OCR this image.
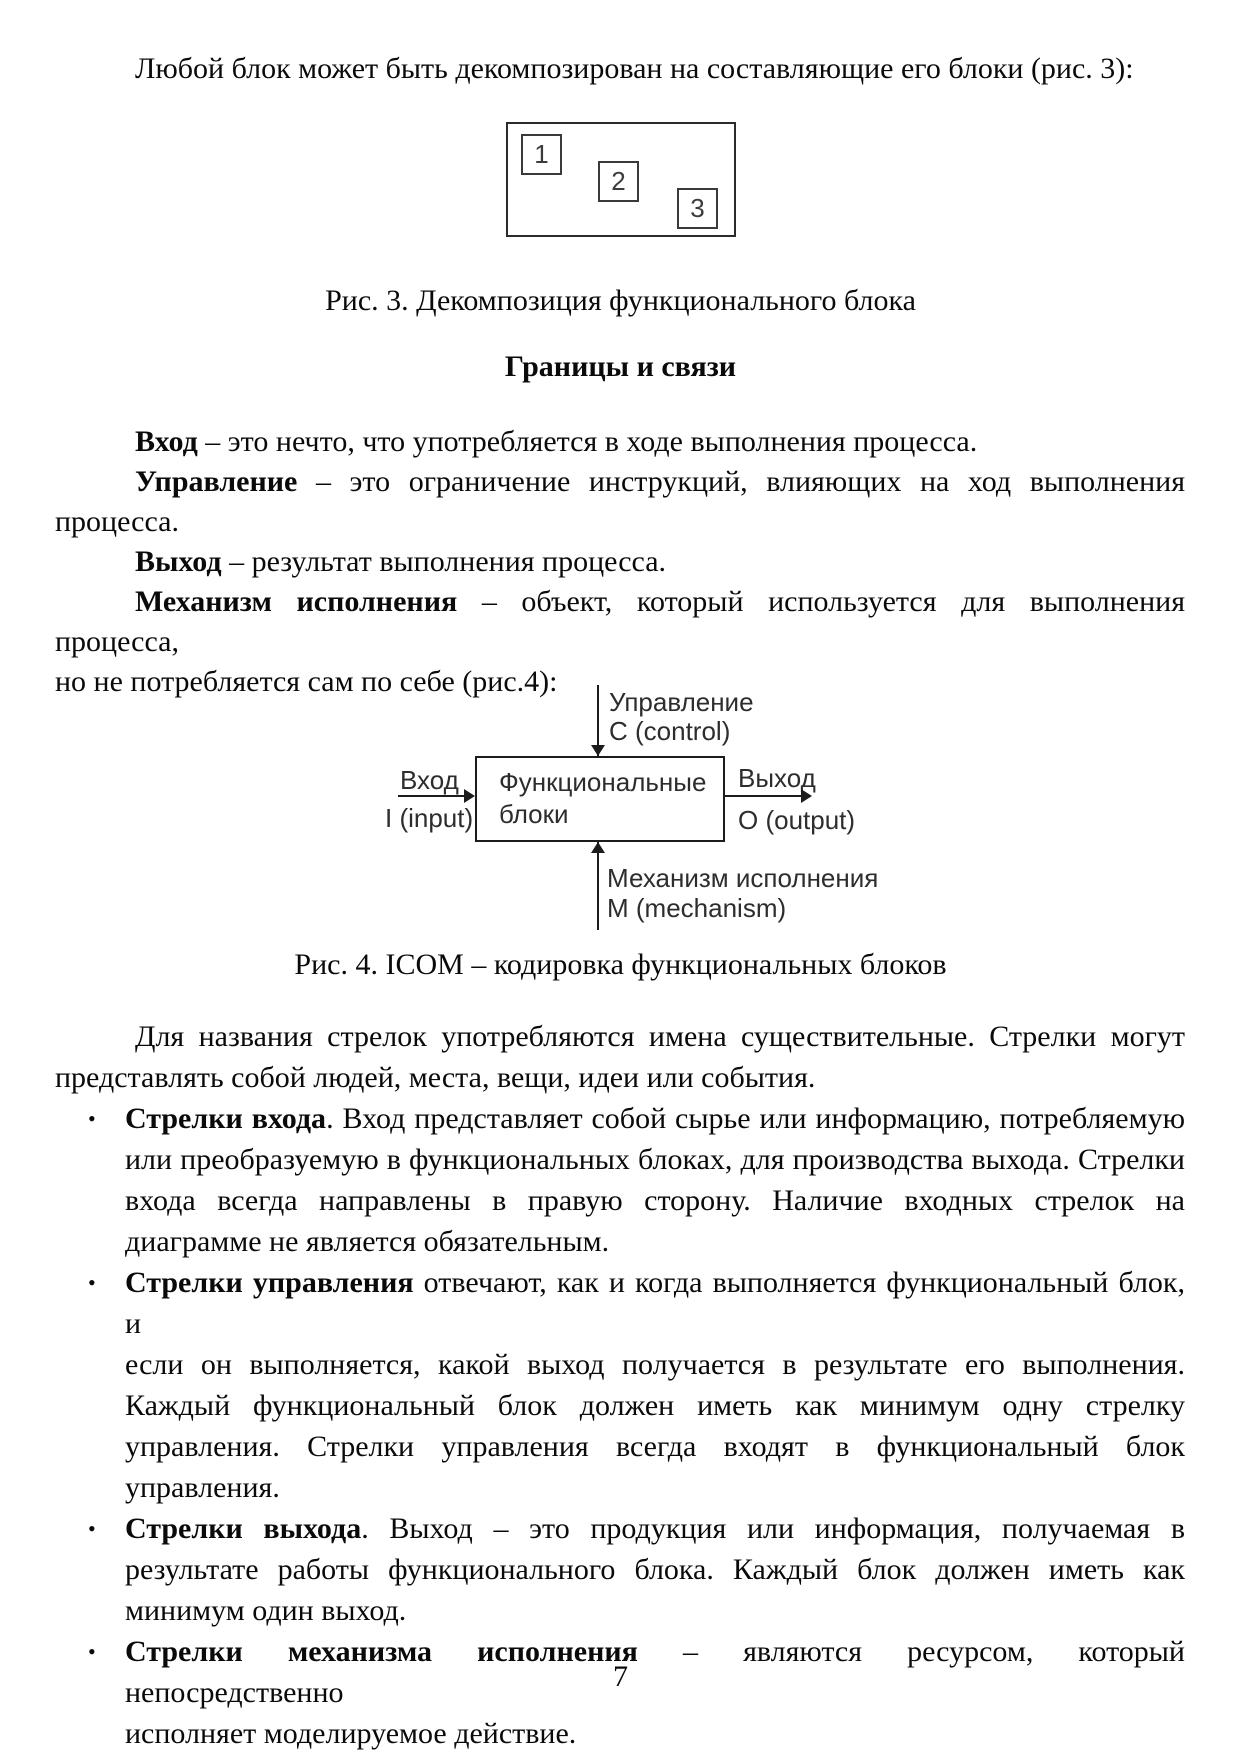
Любой блок может быть декомпозирован на составляющие его блоки (рис. 3):
1
2
3
Рис. 3. Декомпозиция функционального блока
Границы и связи
Вход – это нечто, что употребляется в ходе выполнения процесса.
Управление – это ограничение инструкций, влияющих на ход выполнения
процесса.
Выход – результат выполнения процесса.
Механизм исполнения – объект, который используется для выполнения процесса,
но не потребляется сам по себе (рис.4):
Управление
C (control)
Вход
I (input)
Функциональные
блоки
Выход
O (output)
Механизм исполнения
M (mechanism)
Рис. 4. ICOM – кодировка функциональных блоков
Для названия стрелок употребляются имена существительные. Стрелки могут
представлять собой людей, места, вещи, идеи или события.
• Стрелки входа. Вход представляет собой сырье или информацию, потребляемую
или преобразуемую в функциональных блоках, для производства выхода. Стрелки
входа всегда направлены в правую сторону. Наличие входных стрелок на
диаграмме не является обязательным.
• Стрелки управления отвечают, как и когда выполняется функциональный блок, и
если он выполняется, какой выход получается в результате его выполнения.
Каждый функциональный блок должен иметь как минимум одну стрелку
управления. Стрелки управления всегда входят в функциональный блок
управления.
• Стрелки выхода. Выход – это продукция или информация, получаемая в
результате работы функционального блока. Каждый блок должен иметь как
минимум один выход.
• Стрелки механизма исполнения – являются ресурсом, который непосредственно
исполняет моделируемое действие.
7
